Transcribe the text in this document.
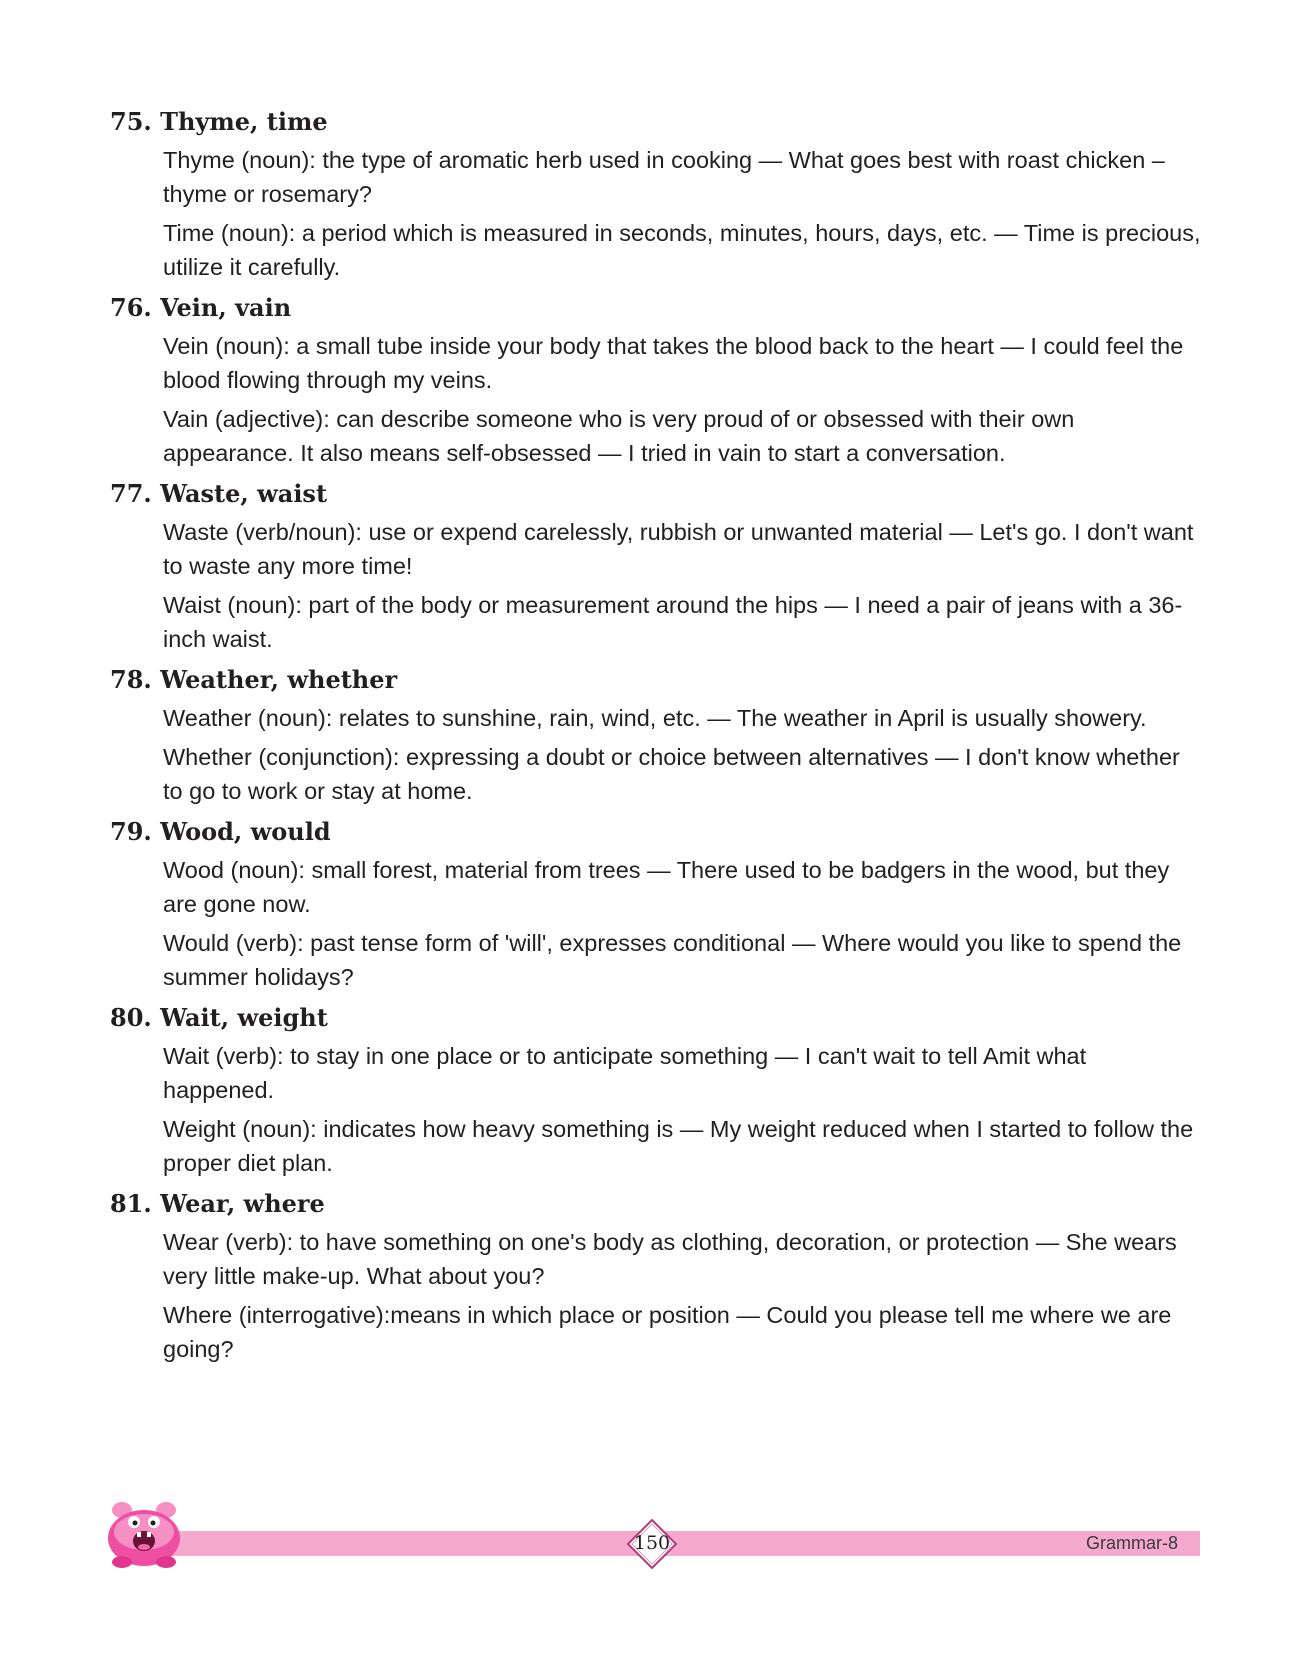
75. Thyme, time

Thyme (noun): the type of aromatic herb used in cooking — What goes best with roast chicken – thyme or rosemary?

Time (noun): a period which is measured in seconds, minutes, hours, days, etc. — Time is precious, utilize it carefully.

76. Vein, vain

Vein (noun): a small tube inside your body that takes the blood back to the heart — I could feel the blood flowing through my veins.

Vain (adjective): can describe someone who is very proud of or obsessed with their own appearance. It also means self-obsessed — I tried in vain to start a conversation.

77. Waste, waist

Waste (verb/noun): use or expend carelessly, rubbish or unwanted material — Let's go. I don't want to waste any more time!

Waist (noun): part of the body or measurement around the hips — I need a pair of jeans with a 36-inch waist.

78. Weather, whether

Weather (noun): relates to sunshine, rain, wind, etc. — The weather in April is usually showery.

Whether (conjunction): expressing a doubt or choice between alternatives — I don't know whether to go to work or stay at home.

79. Wood, would

Wood (noun): small forest, material from trees — There used to be badgers in the wood, but they are gone now.

Would (verb): past tense form of 'will', expresses conditional — Where would you like to spend the summer holidays?

80. Wait, weight

Wait (verb): to stay in one place or to anticipate something — I can't wait to tell Amit what happened.

Weight (noun): indicates how heavy something is — My weight reduced when I started to follow the proper diet plan.

81. Wear, where

Wear (verb): to have something on one's body as clothing, decoration, or protection — She wears very little make-up. What about you?

Where (interrogative):means in which place or position — Could you please tell me where we are going?

Grammar-8
150
